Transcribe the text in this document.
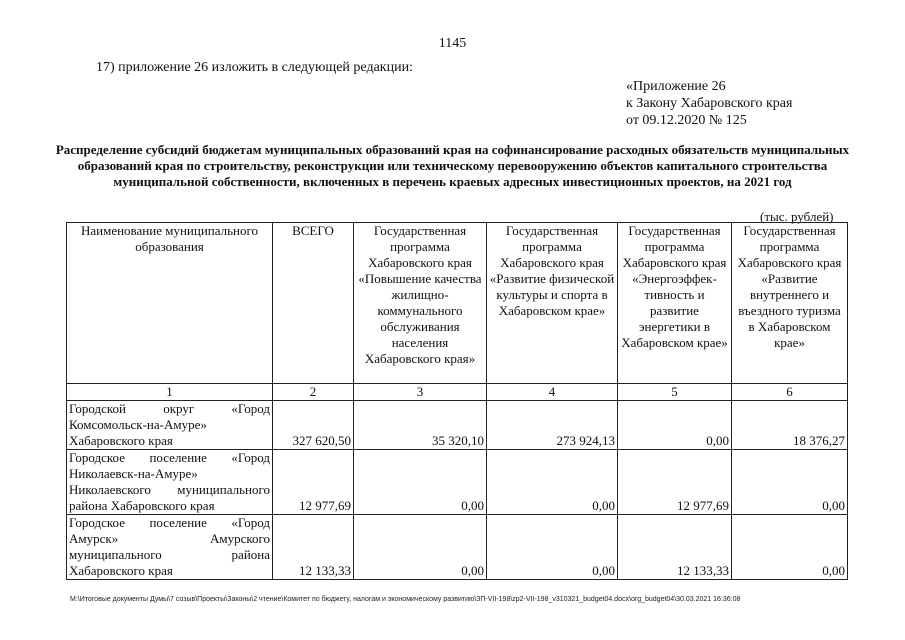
1145
17) приложение 26 изложить в следующей редакции:
«Приложение 26
к Закону Хабаровского края
от 09.12.2020 № 125
Распределение субсидий бюджетам муниципальных образований края на софинансирование расходных обязательств муниципальных образований края по строительству, реконструкции или техническому перевооружению объектов капитального строительства муниципальной собственности, включенных в перечень краевых адресных инвестиционных проектов, на 2021 год
(тыс. рублей)
Наименование муниципального образования	ВСЕГО	Государственная программа Хабаровского края «Повышение качества жилищно-коммунального обслуживания населения Хабаровского края»	Государственная программа Хабаровского края «Развитие физической культуры и спорта в Хабаровском крае»	Государственная программа Хабаровского края «Энергоэффек-тивность и развитие энергетики в Хабаровском крае»	Государственная программа Хабаровского края «Развитие внутреннего и въездного туризма в Хабаровском крае»
1	2	3	4	5	6
Городской округ «Город Комсомольск-на-Амуре» Хабаровского края	327 620,50	35 320,10	273 924,13	0,00	18 376,27
Городское поселение «Город Николаевск-на-Амуре» Николаевского муниципального района Хабаровского края	12 977,69	0,00	0,00	12 977,69	0,00
Городское поселение «Город Амурск» Амурского муниципального района Хабаровского края	12 133,33	0,00	0,00	12 133,33	0,00
M:\Итоговые документы Думы\7 созыв\Проекты\Законы\2 чтение\Комитет по бюджету, налогам и экономическому развитию\ЗП-VII-198\zp2-VII-198_v310321_budget04.docx\org_budget04\30.03.2021 16:36:08
